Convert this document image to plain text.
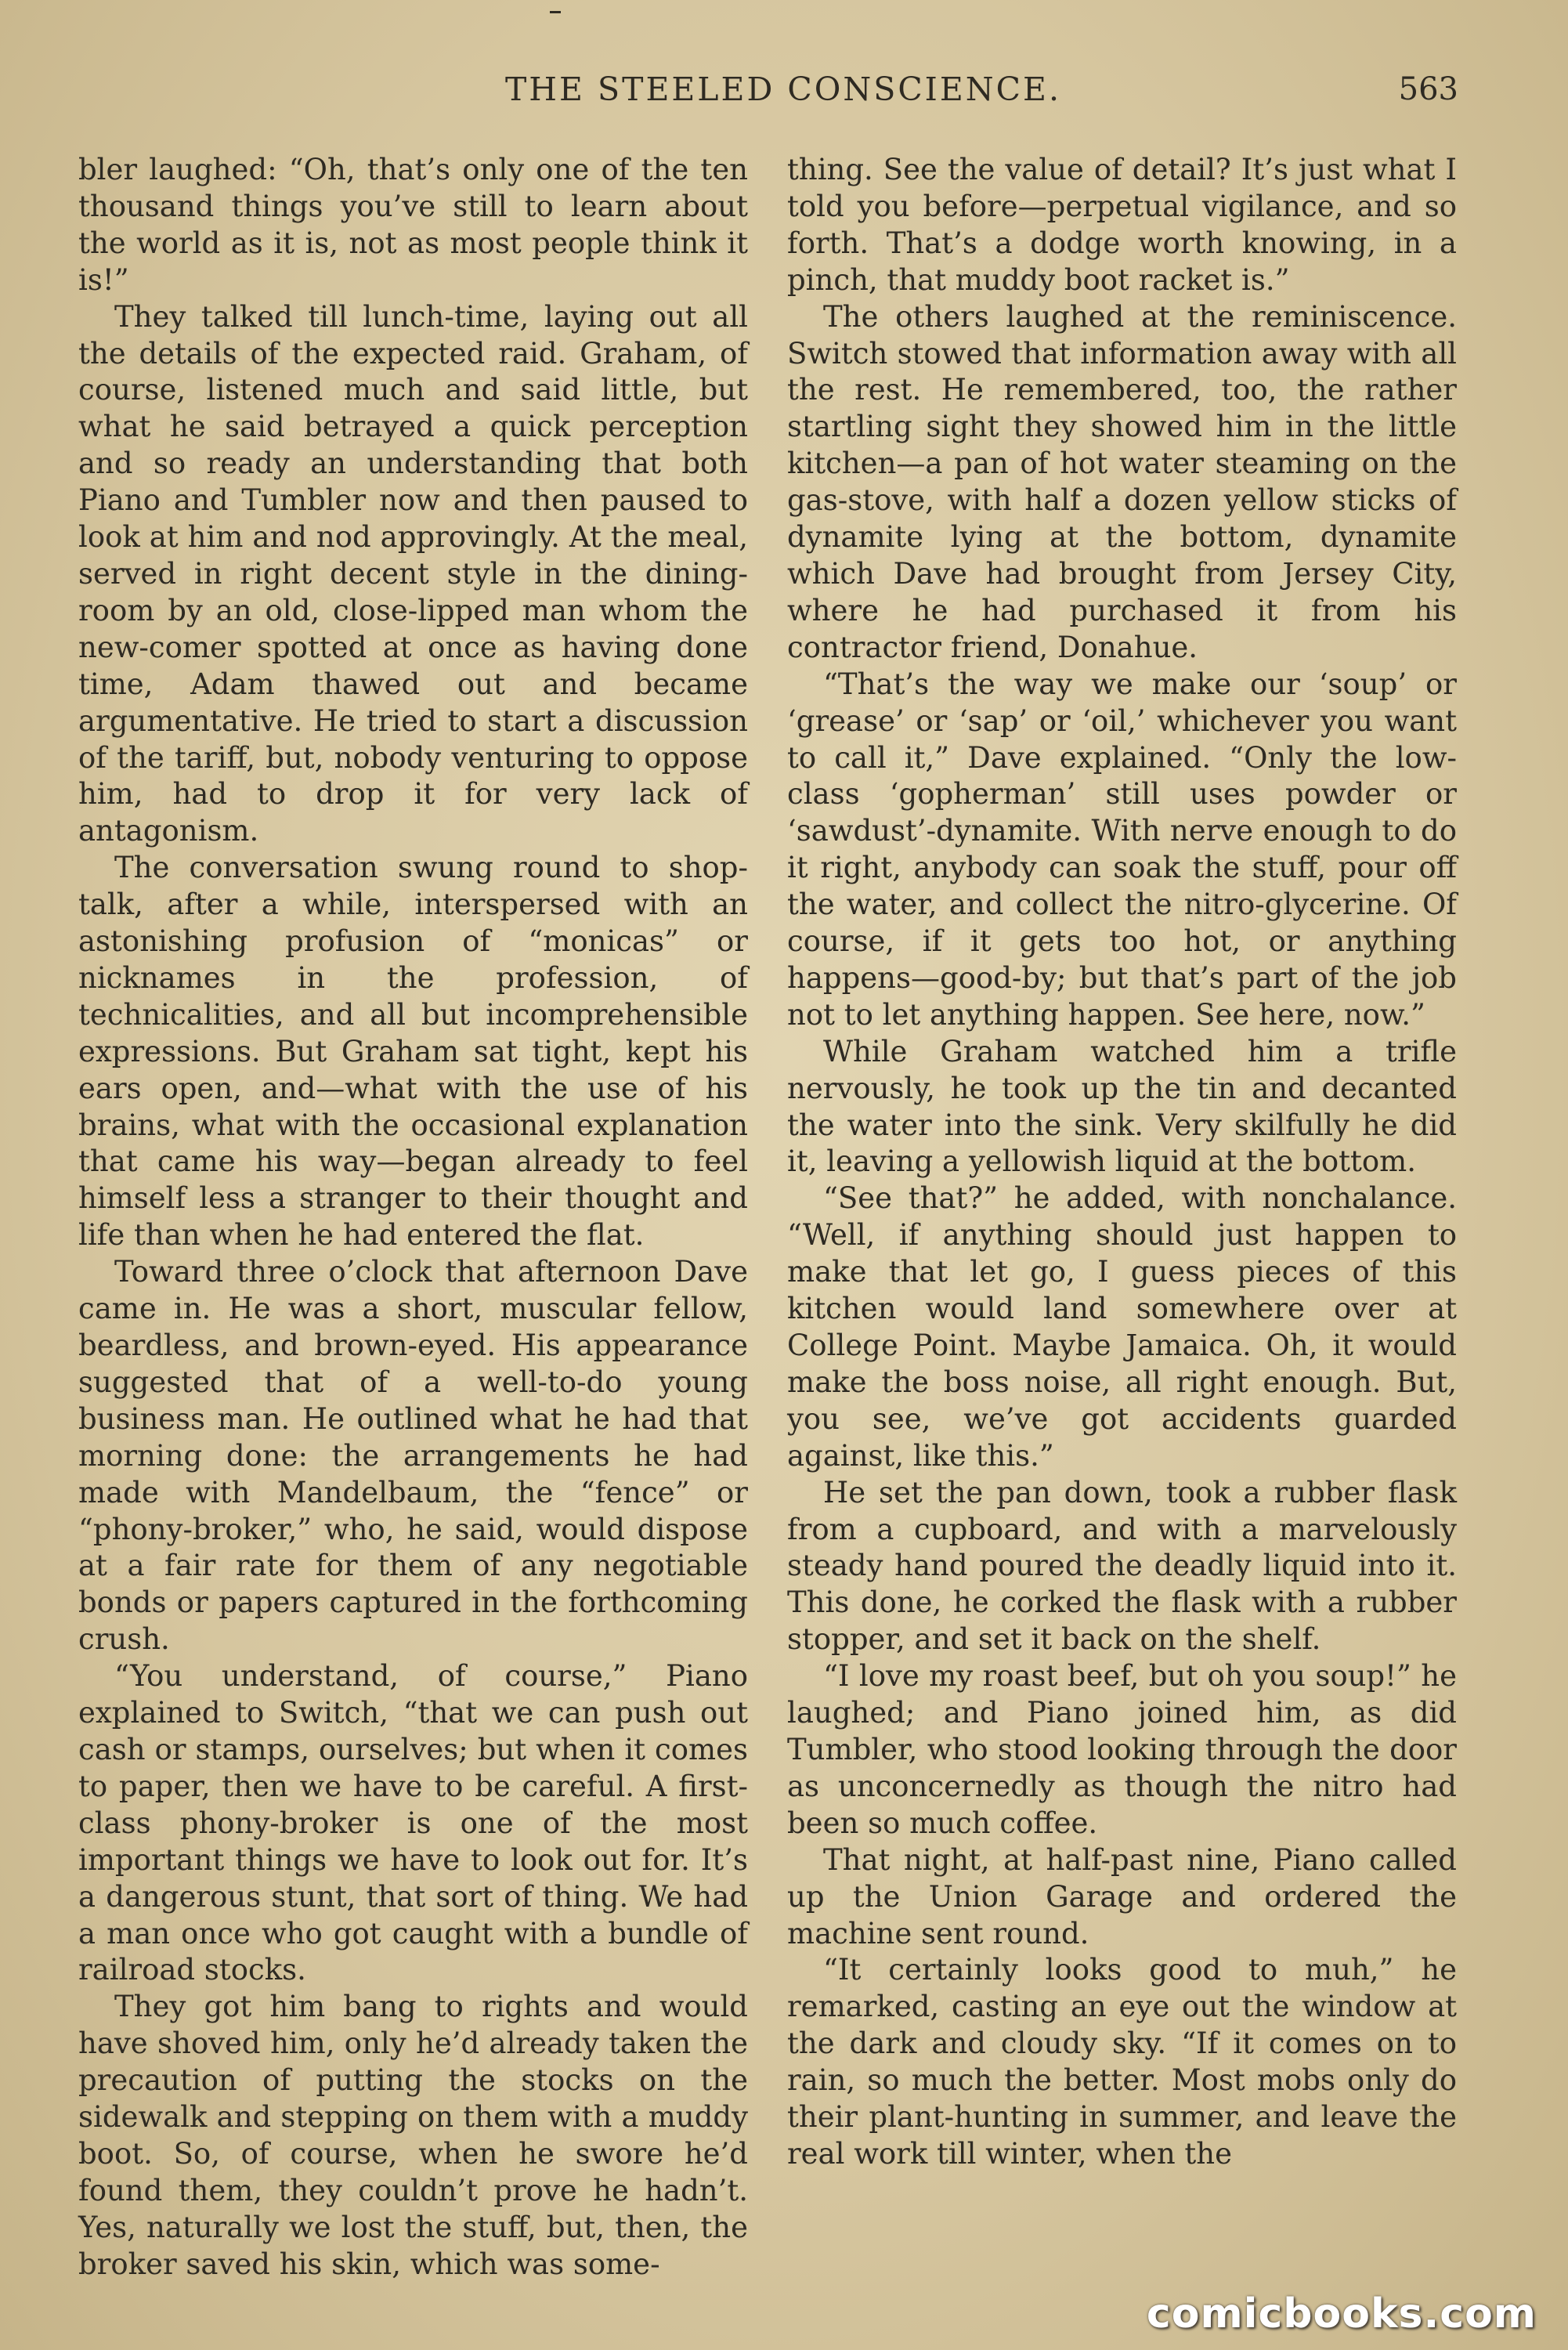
THE STEELED CONSCIENCE.	563

bler laughed: “Oh, that’s only one of the ten thousand things you’ve still to learn about the world as it is, not as most people think it is!”

They talked till lunch-time, laying out all the details of the expected raid. Graham, of course, listened much and said little, but what he said betrayed a quick perception and so ready an understanding that both Piano and Tumbler now and then paused to look at him and nod approvingly. At the meal, served in right decent style in the dining-room by an old, close-lipped man whom the new-comer spotted at once as having done time, Adam thawed out and became argumentative. He tried to start a discussion of the tariff, but, nobody venturing to oppose him, had to drop it for very lack of antagonism.

The conversation swung round to shop-talk, after a while, interspersed with an astonishing profusion of “monicas” or nicknames in the profession, of technicalities, and all but incomprehensible expressions. But Graham sat tight, kept his ears open, and—what with the use of his brains, what with the occasional explanation that came his way—began already to feel himself less a stranger to their thought and life than when he had entered the flat.

Toward three o’clock that afternoon Dave came in. He was a short, muscular fellow, beardless, and brown-eyed. His appearance suggested that of a well-to-do young business man. He outlined what he had that morning done: the arrangements he had made with Mandelbaum, the “fence” or “phony-broker,” who, he said, would dispose at a fair rate for them of any negotiable bonds or papers captured in the forthcoming crush.

“You understand, of course,” Piano explained to Switch, “that we can push out cash or stamps, ourselves; but when it comes to paper, then we have to be careful. A first-class phony-broker is one of the most important things we have to look out for. It’s a dangerous stunt, that sort of thing. We had a man once who got caught with a bundle of railroad stocks.

They got him bang to rights and would have shoved him, only he’d already taken the precaution of putting the stocks on the sidewalk and stepping on them with a muddy boot. So, of course, when he swore he’d found them, they couldn’t prove he hadn’t. Yes, naturally we lost the stuff, but, then, the broker saved his skin, which was some-

thing. See the value of detail? It’s just what I told you before—perpetual vigilance, and so forth. That’s a dodge worth knowing, in a pinch, that muddy boot racket is.”

The others laughed at the reminiscence. Switch stowed that information away with all the rest. He remembered, too, the rather startling sight they showed him in the little kitchen—a pan of hot water steaming on the gas-stove, with half a dozen yellow sticks of dynamite lying at the bottom, dynamite which Dave had brought from Jersey City, where he had purchased it from his contractor friend, Donahue.

“That’s the way we make our ‘soup’ or ‘grease’ or ‘sap’ or ‘oil,’ whichever you want to call it,” Dave explained. “Only the low-class ‘gopherman’ still uses powder or ‘sawdust’-dynamite. With nerve enough to do it right, anybody can soak the stuff, pour off the water, and collect the nitro-glycerine. Of course, if it gets too hot, or anything happens—good-by; but that’s part of the job not to let anything happen. See here, now.”

While Graham watched him a trifle nervously, he took up the tin and decanted the water into the sink. Very skilfully he did it, leaving a yellowish liquid at the bottom.

“See that?” he added, with nonchalance. “Well, if anything should just happen to make that let go, I guess pieces of this kitchen would land somewhere over at College Point. Maybe Jamaica. Oh, it would make the boss noise, all right enough. But, you see, we’ve got accidents guarded against, like this.”

He set the pan down, took a rubber flask from a cupboard, and with a marvelously steady hand poured the deadly liquid into it. This done, he corked the flask with a rubber stopper, and set it back on the shelf.

“I love my roast beef, but oh you soup!” he laughed; and Piano joined him, as did Tumbler, who stood looking through the door as unconcernedly as though the nitro had been so much coffee.

That night, at half-past nine, Piano called up the Union Garage and ordered the machine sent round.

“It certainly looks good to muh,” he remarked, casting an eye out the window at the dark and cloudy sky. “If it comes on to rain, so much the better. Most mobs only do their plant-hunting in summer, and leave the real work till winter, when the

comicbooks.com
